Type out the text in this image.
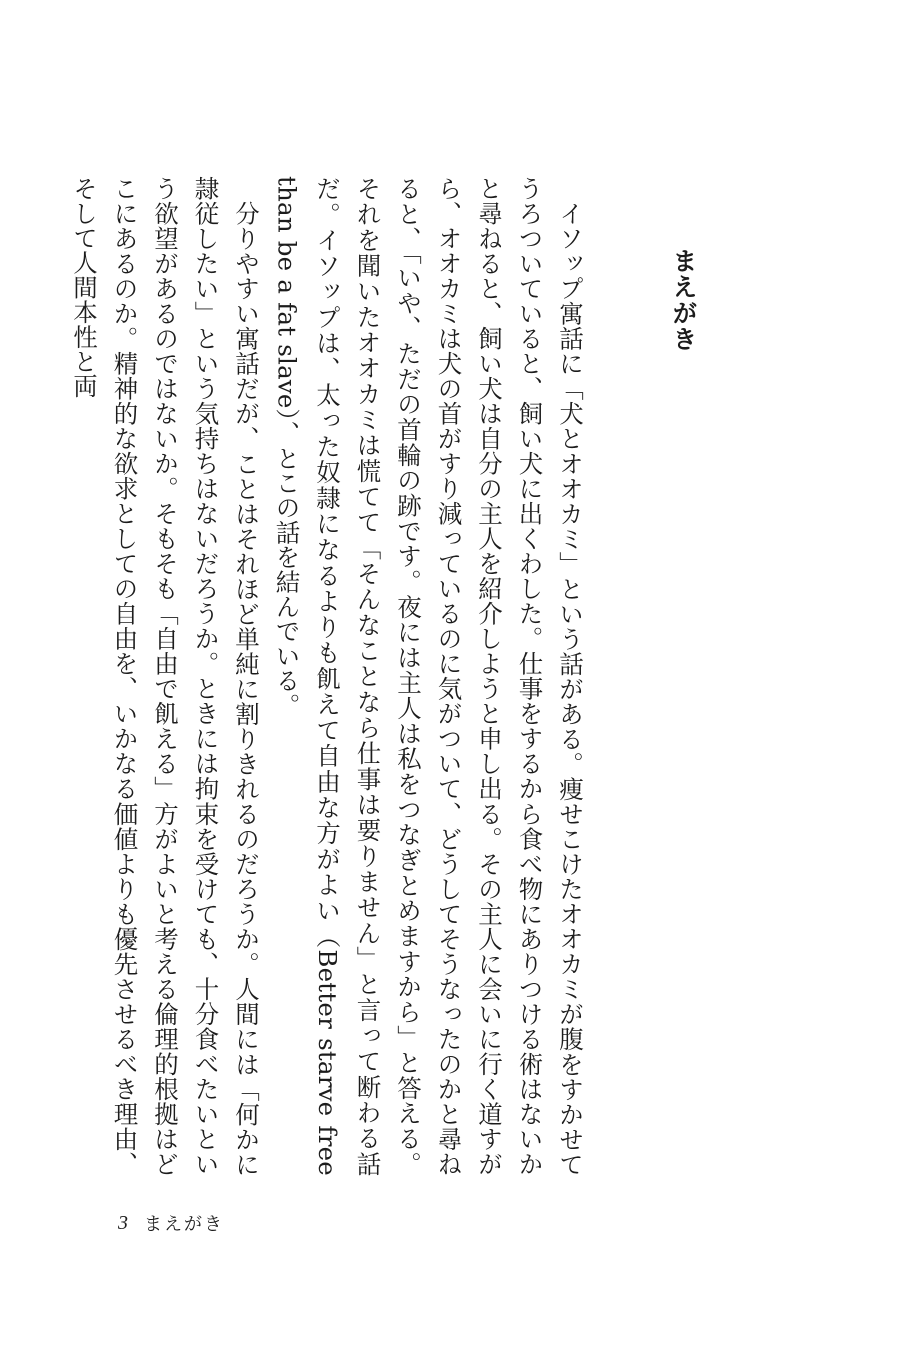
まえがき

イソップ寓話に「犬とオオカミ」という話がある。痩せこけたオオカミが腹をすかせてうろついていると、飼い犬に出くわした。仕事をするから食べ物にありつける術はないかと尋ねると、飼い犬は自分の主人を紹介しようと申し出る。その主人に会いに行く道すがら、オオカミは犬の首がすり減っているのに気がついて、どうしてそうなったのかと尋ねると、「いや、ただの首輪の跡です。夜には主人は私をつなぎとめますから」と答える。それを聞いたオオカミは慌てて「そんなことなら仕事は要りません」と言って断わる話だ。イソップは、太った奴隷になるよりも飢えて自由な方がよい（Better starve free than be a fat slave）、とこの話を結んでいる。

分りやすい寓話だが、ことはそれほど単純に割りきれるのだろうか。人間には「何かに隷従したい」という気持ちはないだろうか。ときには拘束を受けても、十分食べたいという欲望があるのではないか。そもそも「自由で飢える」方がよいと考える倫理的根拠はどこにあるのか。精神的な欲求としての自由を、いかなる価値よりも優先させるべき理由、そして人間本性と両

3 まえがき
